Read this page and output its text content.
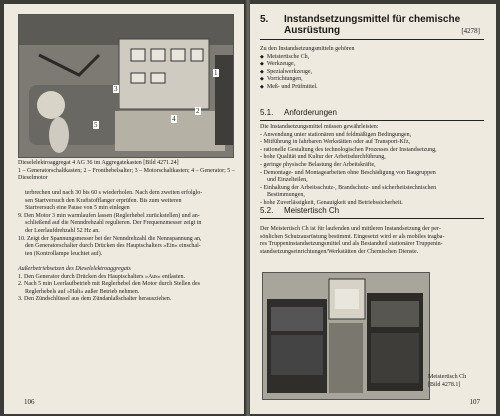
1
2
3
4
5
Dieselelektroaggregat 4 AG 36 im Aggregatekasten [Bild 4271.24]
1 – Generatorschaltkasten; 2 – Fronthebelsalter; 3 – Motorschaltkasten; 4 – Generator; 5 – Dieselmotor
terbrechen und nach 30 bis 60 s wiederholen. Nach dem zweiten erfolglo-
sen Startversuch den Kraftstofflanger erprüfen. Bis zum weiteren
Startversuch eine Pause von 5 min einlegen
9. Den Motor 3 min warmlaufen lassen (Reglerhebel zurückstellen) und an-
schließend auf die Nenndrehzahl regulieren. Der Frequenzmesser zeigt in
der Leerlaufdrehzahl 52 Hz an.
10. Zeigt der Spannungsmesser bei der Nenndrehzahl die Nennspannung an,
den Generatorschalter durch Drücken des Hauptschalters »Ein« einschal-
ten (Kontrollampe leuchtet auf).
Außerbetriebsetzen des Dieselelektroaggregats
1. Den Generator durch Drücken des Hauptschalters »Aus« entlasten.
2. Nach 5 min Leerlaufbetrieb mit Reglerhebel den Motor durch Stellen des
Reglerhebels auf »Halt« außer Betrieb nehmen.
3. Den Zündschlüssel aus dem Zündanlaßschalter herausziehen.
106
5. Instandsetzungsmittel für chemische
Ausrüstung	[4278]
Zu den Instandsetzungsmitteln gehören
◆ Meistertische Ch,
◆ Werkzeuge,
◆ Spezialwerkzeuge,
◆ Vorrichtungen,
◆ Meß- und Prüfmittel.
5.1. Anforderungen
Die Instandsetzungsmittel müssen gewährleisten:
- Anwendung unter stationären und feldmäßigen Bedingungen,
- Mitführung in fahrbaren Werkstätten oder auf Transport-Kfz,
- rationelle Gestaltung des technologischen Prozesses der Instandsetzung,
- hohe Qualität und Kultur der Arbeitsdurchführung,
- geringe physische Belastung der Arbeitskräfte,
- Demontage- und Montagearbeiten ohne Beschädigung von Baugruppen
und Einzelteilen,
- Einhaltung der Arbeitsschutz-, Brandschutz- und sicherheitstechnischen
Bestimmungen,
- hohe Zuverlässigkeit, Genauigkeit und Betriebssicherheit.
5.2. Meistertisch Ch
Der Meistertisch Ch ist für laufenden und mittleren Instandsetzung der per-
sönlichen Schutzausrüstung bestimmt. Eingesetzt wird er als mobiles tragba-
res Truppeninstandsetzungsmittel und als Bestandteil stationärer Truppenin-
standsetzungseinrichtungen/Werkstätten der Chemischen Dienste.
Meistertisch Ch
[Bild 4278.1]
107
